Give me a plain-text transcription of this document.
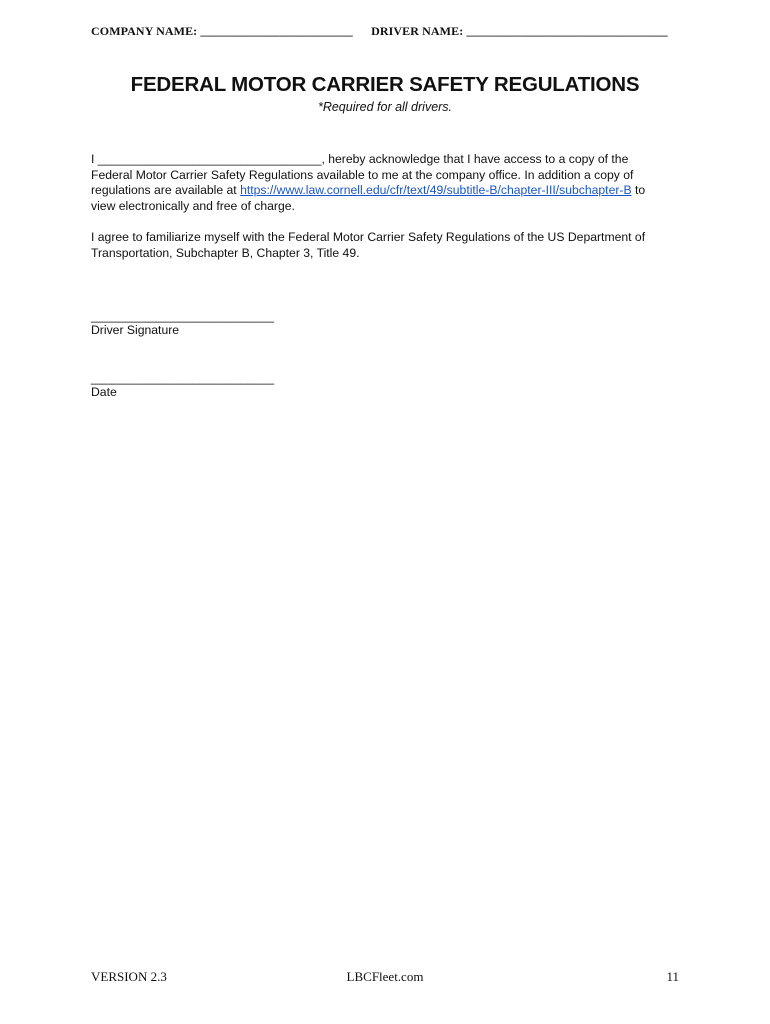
COMPANY NAME: _________________________ DRIVER NAME: _________________________________
FEDERAL MOTOR CARRIER SAFETY REGULATIONS
*Required for all drivers.
I _________________________________, hereby acknowledge that I have access to a copy of the
Federal Motor Carrier Safety Regulations available to me at the company office. In addition a copy of
regulations are available at https://www.law.cornell.edu/cfr/text/49/subtitle-B/chapter-III/subchapter-B to
view electronically and free of charge.
I agree to familiarize myself with the Federal Motor Carrier Safety Regulations of the US Department of
Transportation, Subchapter B, Chapter 3, Title 49.
___________________________
Driver Signature
___________________________
Date
VERSION 2.3	LBCFleet.com	11
